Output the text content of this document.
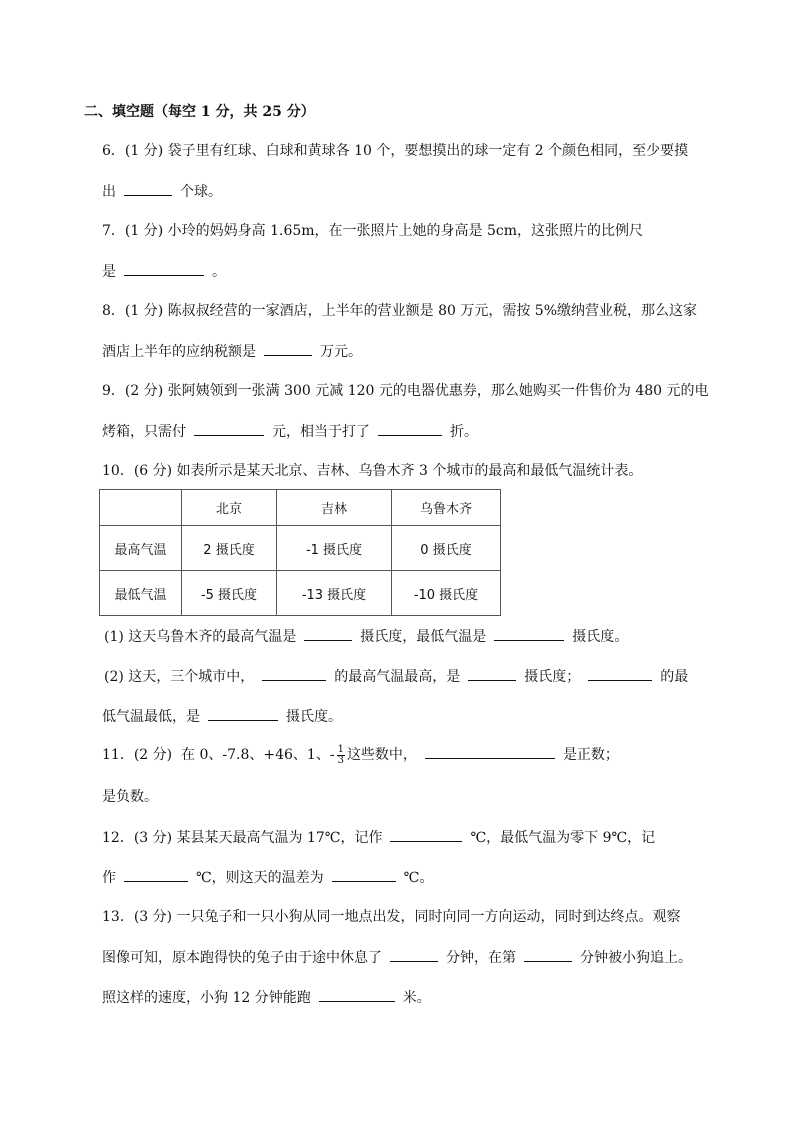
二、填空题（每空 1 分，共 25 分）
6．(1 分) 袋子里有红球、白球和黄球各 10 个，要想摸出的球一定有 2 个颜色相同，至少要摸
出	个球。
7．(1 分) 小玲的妈妈身高 1.65m，在一张照片上她的身高是 5cm，这张照片的比例尺
是	。
8．(1 分) 陈叔叔经营的一家酒店，上半年的营业额是 80 万元，需按 5%缴纳营业税，那么这家
酒店上半年的应纳税额是	万元。
9．(2 分) 张阿姨领到一张满 300 元减 120 元的电器优惠券，那么她购买一件售价为 480 元的电
烤箱，只需付	元，相当于打了	折。
10．(6 分) 如表所示是某天北京、吉林、乌鲁木齐 3 个城市的最高和最低气温统计表。
	北京	吉林	乌鲁木齐
最高气温	2 摄氏度	-1 摄氏度	0 摄氏度
最低气温	-5 摄氏度	-13 摄氏度	-10 摄氏度
(1) 这天乌鲁木齐的最高气温是	摄氏度，最低气温是	摄氏度。
(2) 这天，三个城市中，	的最高气温最高，是	摄氏度；	的最
低气温最低，是	摄氏度。
11．(2 分) 在 0、-7.8、+46、1、- $\frac{1}{3}$ 这些数中，	是正数；
是负数。
12．(3 分) 某县某天最高气温为 17℃，记作	℃，最低气温为零下 9℃，记
作	℃，则这天的温差为	℃。
13．(3 分) 一只兔子和一只小狗从同一地点出发，同时向同一方向运动，同时到达终点。观察
图像可知，原本跑得快的兔子由于途中休息了	分钟，在第	分钟被小狗追上。
照这样的速度，小狗 12 分钟能跑	米。
